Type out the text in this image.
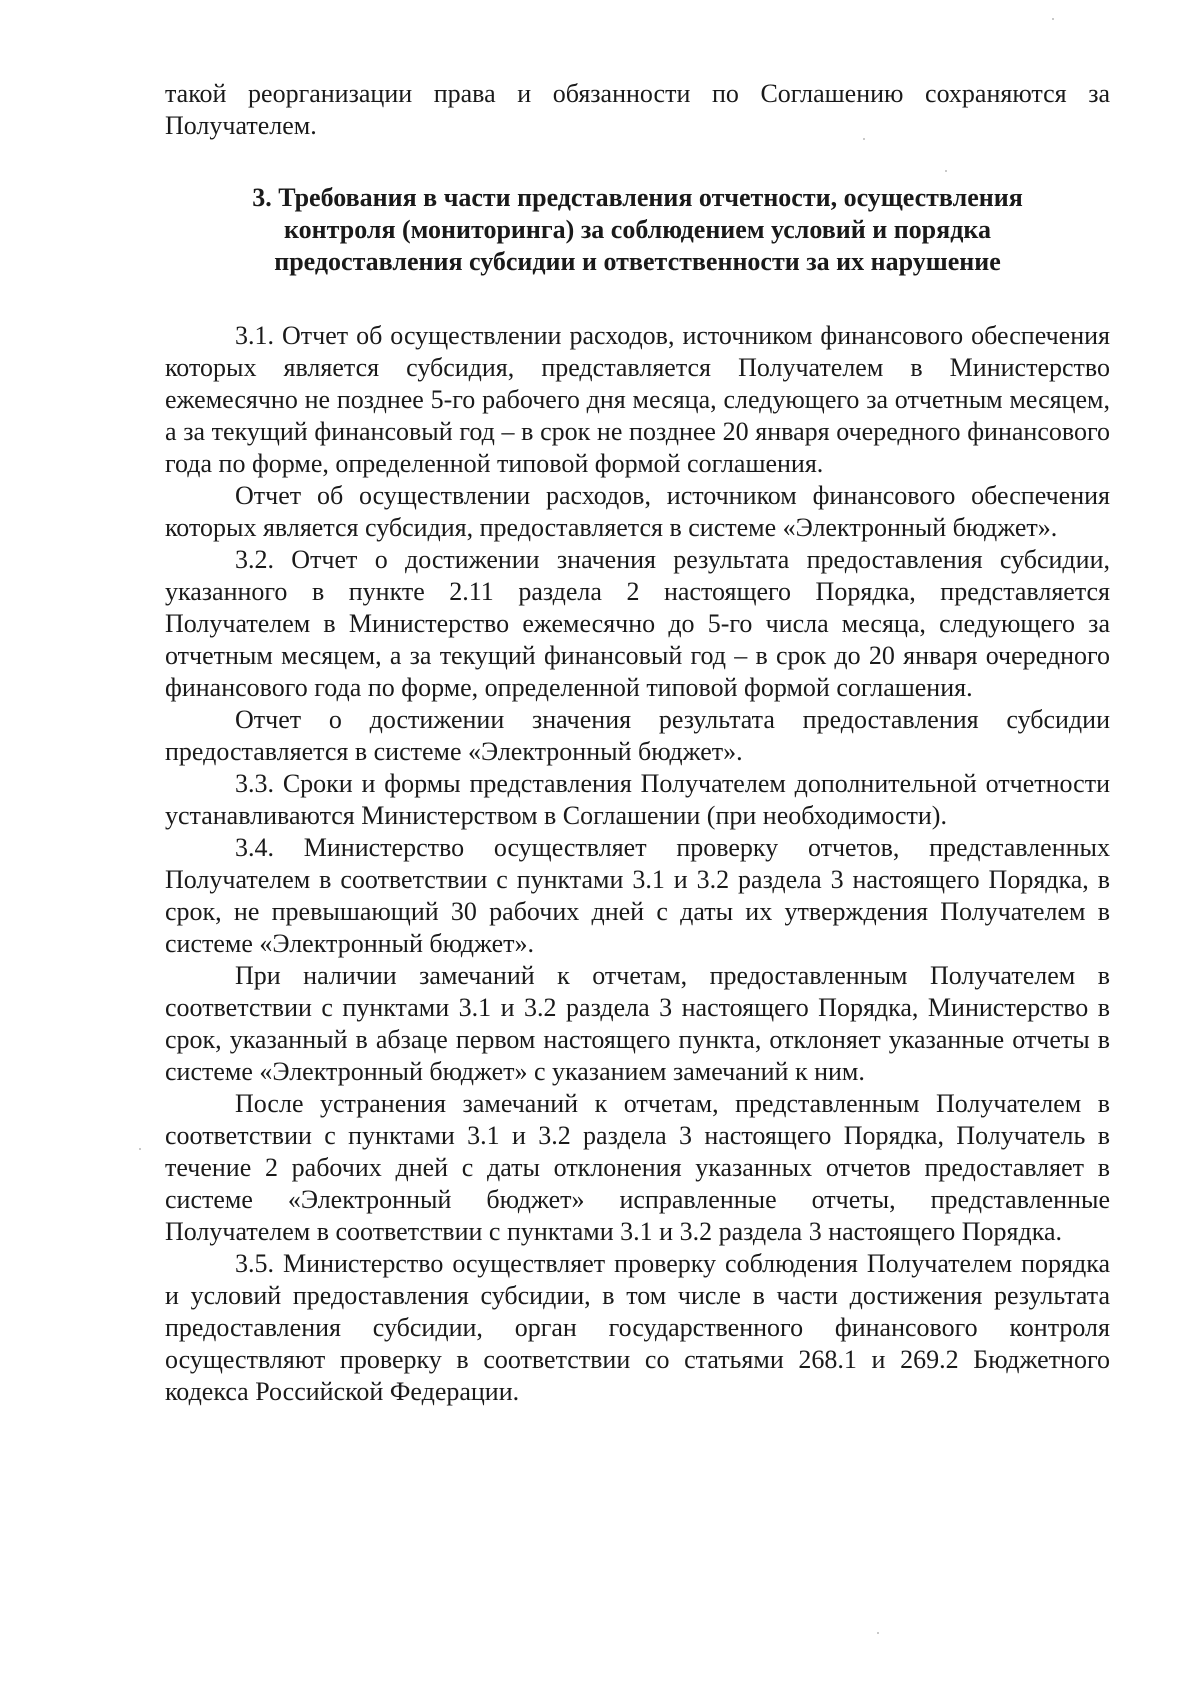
такой реорганизации права и обязанности по Соглашению сохраняются за Получателем.

3. Требования в части представления отчетности, осуществления

контроля (мониторинга) за соблюдением условий и порядка

предоставления субсидии и ответственности за их нарушение

3.1. Отчет об осуществлении расходов, источником финансового обеспечения которых является субсидия, представляется Получателем в Министерство ежемесячно не позднее 5-го рабочего дня месяца, следующего за отчетным месяцем, а за текущий финансовый год – в срок не позднее 20 января очередного финансового года по форме, определенной типовой формой соглашения.

Отчет об осуществлении расходов, источником финансового обеспечения которых является субсидия, предоставляется в системе «Электронный бюджет».

3.2. Отчет о достижении значения результата предоставления субсидии, указанного в пункте 2.11 раздела 2 настоящего Порядка, представляется Получателем в Министерство ежемесячно до 5-го числа месяца, следующего за отчетным месяцем, а за текущий финансовый год – в срок до 20 января очередного финансового года по форме, определенной типовой формой соглашения.

Отчет о достижении значения результата предоставления субсидии предоставляется в системе «Электронный бюджет».

3.3. Сроки и формы представления Получателем дополнительной отчетности устанавливаются Министерством в Соглашении (при необходимости).

3.4. Министерство осуществляет проверку отчетов, представленных Получателем в соответствии с пунктами 3.1 и 3.2 раздела 3 настоящего Порядка, в срок, не превышающий 30 рабочих дней с даты их утверждения Получателем в системе «Электронный бюджет».

При наличии замечаний к отчетам, предоставленным Получателем в соответствии с пунктами 3.1 и 3.2 раздела 3 настоящего Порядка, Министерство в срок, указанный в абзаце первом настоящего пункта, отклоняет указанные отчеты в системе «Электронный бюджет» с указанием замечаний к ним.

После устранения замечаний к отчетам, представленным Получателем в соответствии с пунктами 3.1 и 3.2 раздела 3 настоящего Порядка, Получатель в течение 2 рабочих дней с даты отклонения указанных отчетов предоставляет в системе «Электронный бюджет» исправленные отчеты, представленные Получателем в соответствии с пунктами 3.1 и 3.2 раздела 3 настоящего Порядка.

3.5. Министерство осуществляет проверку соблюдения Получателем порядка и условий предоставления субсидии, в том числе в части достижения результата предоставления субсидии, орган государственного финансового контроля осуществляют проверку в соответствии со статьями 268.1 и 269.2 Бюджетного кодекса Российской Федерации.
